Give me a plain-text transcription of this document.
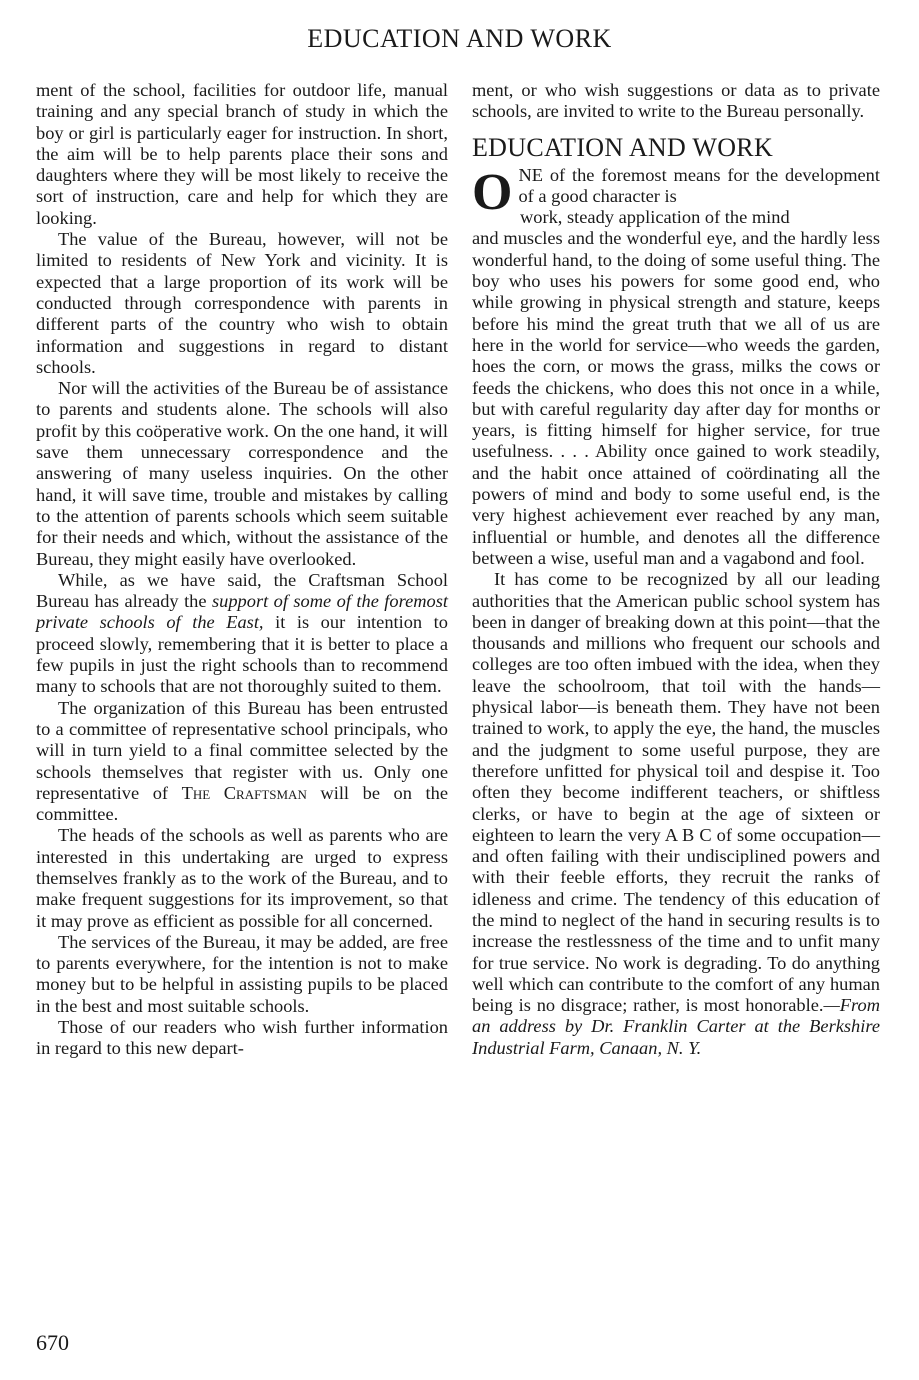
EDUCATION AND WORK

ment of the school, facilities for outdoor life, manual training and any special branch of study in which the boy or girl is particularly eager for instruction. In short, the aim will be to help parents place their sons and daughters where they will be most likely to receive the sort of instruction, care and help for which they are looking.

The value of the Bureau, however, will not be limited to residents of New York and vicinity. It is expected that a large proportion of its work will be conducted through correspondence with parents in different parts of the country who wish to obtain information and suggestions in regard to distant schools.

Nor will the activities of the Bureau be of assistance to parents and students alone. The schools will also profit by this coöperative work. On the one hand, it will save them unnecessary correspondence and the answering of many useless inquiries. On the other hand, it will save time, trouble and mistakes by calling to the attention of parents schools which seem suitable for their needs and which, without the assistance of the Bureau, they might easily have overlooked.

While, as we have said, the Craftsman School Bureau has already the support of some of the foremost private schools of the East, it is our intention to proceed slowly, remembering that it is better to place a few pupils in just the right schools than to recommend many to schools that are not thoroughly suited to them.

The organization of this Bureau has been entrusted to a committee of representative school principals, who will in turn yield to a final committee selected by the schools themselves that register with us. Only one representative of The Craftsman will be on the committee.

The heads of the schools as well as parents who are interested in this undertaking are urged to express themselves frankly as to the work of the Bureau, and to make frequent suggestions for its improvement, so that it may prove as efficient as possible for all concerned.

The services of the Bureau, it may be added, are free to parents everywhere, for the intention is not to make money but to be helpful in assisting pupils to be placed in the best and most suitable schools.

Those of our readers who wish further information in regard to this new depart-

ment, or who wish suggestions or data as to private schools, are invited to write to the Bureau personally.

EDUCATION AND WORK

ONE of the foremost means for the development of a good character is
work, steady application of the mind
and muscles and the wonderful eye, and the hardly less wonderful hand, to the doing of some useful thing. The boy who uses his powers for some good end, who while growing in physical strength and stature, keeps before his mind the great truth that we all of us are here in the world for service—who weeds the garden, hoes the corn, or mows the grass, milks the cows or feeds the chickens, who does this not once in a while, but with careful regularity day after day for months or years, is fitting himself for higher service, for true usefulness. . . . Ability once gained to work steadily, and the habit once attained of coördinating all the powers of mind and body to some useful end, is the very highest achievement ever reached by any man, influential or humble, and denotes all the difference between a wise, useful man and a vagabond and fool.

It has come to be recognized by all our leading authorities that the American public school system has been in danger of breaking down at this point—that the thousands and millions who frequent our schools and colleges are too often imbued with the idea, when they leave the schoolroom, that toil with the hands—physical labor—is beneath them. They have not been trained to work, to apply the eye, the hand, the muscles and the judgment to some useful purpose, they are therefore unfitted for physical toil and despise it. Too often they become indifferent teachers, or shiftless clerks, or have to begin at the age of sixteen or eighteen to learn the very A B C of some occupation—and often failing with their undisciplined powers and with their feeble efforts, they recruit the ranks of idleness and crime. The tendency of this education of the mind to neglect of the hand in securing results is to increase the restlessness of the time and to unfit many for true service. No work is degrading. To do anything well which can contribute to the comfort of any human being is no disgrace; rather, is most honorable.—From an address by Dr. Franklin Carter at the Berkshire Industrial Farm, Canaan, N. Y.

670
